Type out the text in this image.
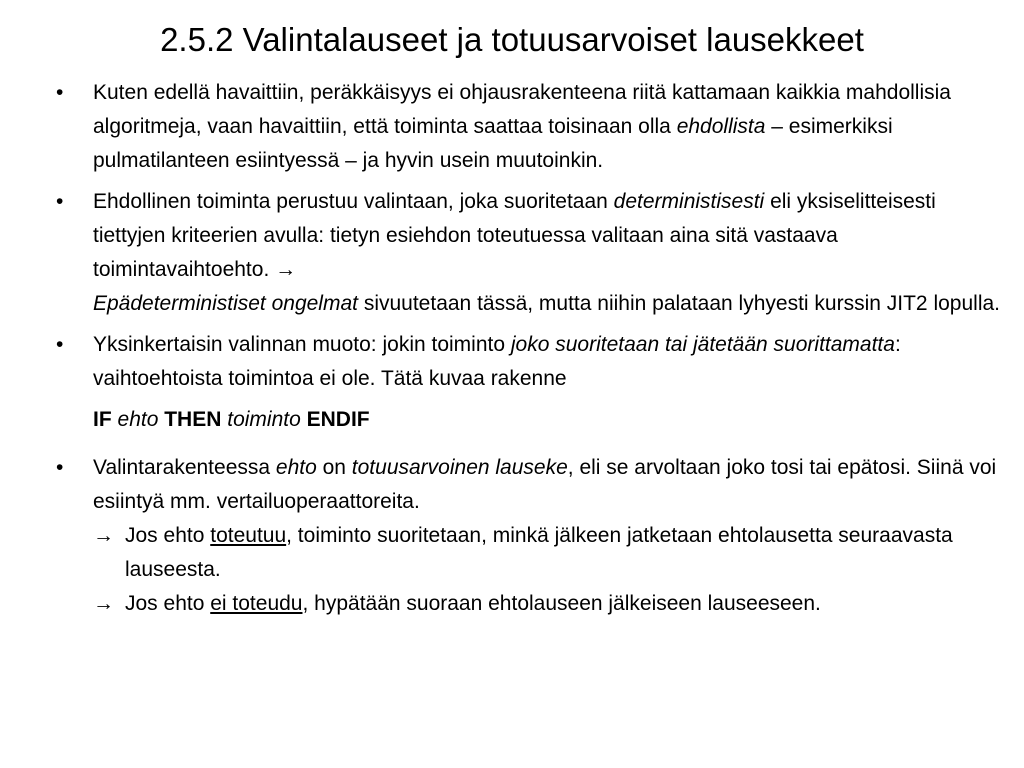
2.5.2 Valintalauseet ja totuusarvoiset lausekkeet
• Kuten edellä havaittiin, peräkkäisyys ei ohjausrakenteena riitä kattamaan kaikkia mahdollisia algoritmeja, vaan havaittiin, että toiminta saattaa toisinaan olla ehdollista – esimerkiksi pulmatilanteen esiintyessä – ja hyvin usein muutoinkin.
• Ehdollinen toiminta perustuu valintaan, joka suoritetaan deterministisesti eli yksiselitteisesti tiettyjen kriteerien avulla: tietyn esiehdon toteutuessa valitaan aina sitä vastaava toimintavaihtoehto. →
Epädeterministiset ongelmat sivuutetaan tässä, mutta niihin palataan lyhyesti kurssin JIT2 lopulla.
• Yksinkertaisin valinnan muoto: jokin toiminto joko suoritetaan tai jätetään suorittamatta: vaihtoehtoista toimintoa ei ole. Tätä kuvaa rakenne
IF ehto THEN toiminto ENDIF
• Valintarakenteessa ehto on totuusarvoinen lauseke, eli se arvoltaan joko tosi tai epätosi. Siinä voi esiintyä mm. vertailuoperaattoreita.
→ Jos ehto toteutuu, toiminto suoritetaan, minkä jälkeen jatketaan ehtolausetta seuraavasta lauseesta.
→ Jos ehto ei toteudu, hypätään suoraan ehtolauseen jälkeiseen lauseeseen.
